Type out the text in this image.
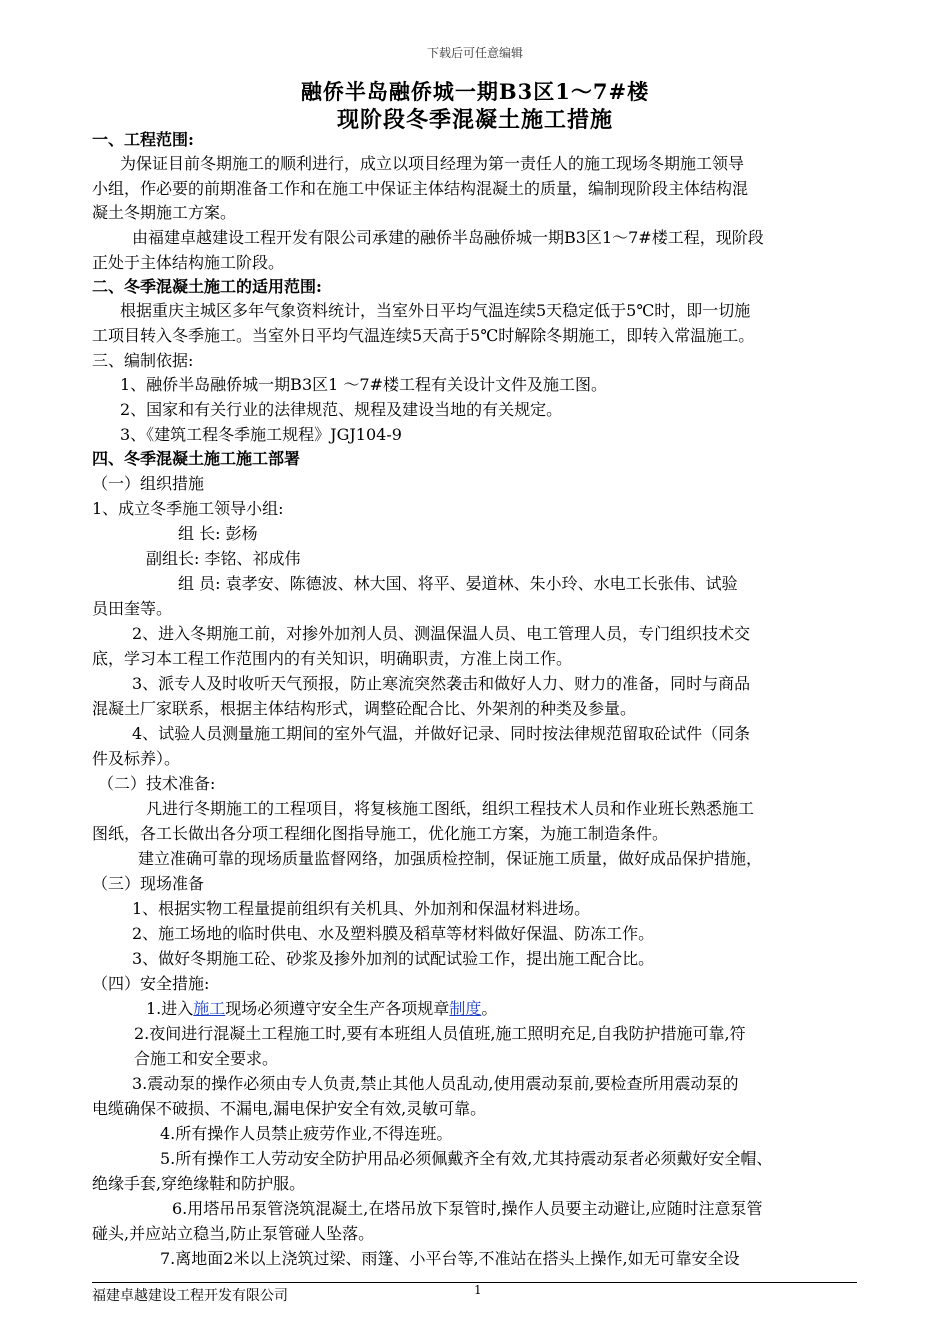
下载后可任意编辑
融侨半岛融侨城一期B3区1～7#楼
现阶段冬季混凝土施工措施
一、工程范围:
为保证目前冬期施工的顺利进行，成立以项目经理为第一责任人的施工现场冬期施工领导
小组，作必要的前期准备工作和在施工中保证主体结构混凝土的质量，编制现阶段主体结构混
凝土冬期施工方案。
由福建卓越建设工程开发有限公司承建的融侨半岛融侨城一期B3区1～7#楼工程，现阶段
正处于主体结构施工阶段。
二、冬季混凝土施工的适用范围:
根据重庆主城区多年气象资料统计，当室外日平均气温连续5天稳定低于5℃时，即一切施
工项目转入冬季施工。当室外日平均气温连续5天高于5℃时解除冬期施工，即转入常温施工。
三、编制依据:
1、融侨半岛融侨城一期B3区1 ～7#楼工程有关设计文件及施工图。
2、国家和有关行业的法律规范、规程及建设当地的有关规定。
3、《建筑工程冬季施工规程》JGJ104-9
四、冬季混凝土施工施工部署
（一）组织措施
1、成立冬季施工领导小组:
组 长: 彭杨
副组长: 李铭、祁成伟
组 员: 袁孝安、陈德波、林大国、将平、晏道林、朱小玲、水电工长张伟、试验
员田奎等。
2、进入冬期施工前，对掺外加剂人员、测温保温人员、电工管理人员，专门组织技术交
底，学习本工程工作范围内的有关知识，明确职责，方准上岗工作。
3、派专人及时收听天气预报，防止寒流突然袭击和做好人力、财力的准备，同时与商品
混凝土厂家联系，根据主体结构形式，调整砼配合比、外架剂的种类及参量。
4、试验人员测量施工期间的室外气温，并做好记录、同时按法律规范留取砼试件（同条
件及标养）。
（二）技术准备:
凡进行冬期施工的工程项目，将复核施工图纸，组织工程技术人员和作业班长熟悉施工
图纸，各工长做出各分项工程细化图指导施工，优化施工方案，为施工制造条件。
建立准确可靠的现场质量监督网络，加强质检控制，保证施工质量，做好成品保护措施，
（三）现场准备
1、根据实物工程量提前组织有关机具、外加剂和保温材料进场。
2、施工场地的临时供电、水及塑料膜及稻草等材料做好保温、防冻工作。
3、做好冬期施工砼、砂浆及掺外加剂的试配试验工作，提出施工配合比。
（四）安全措施:
1.进入施工现场必须遵守安全生产各项规章制度。
2.夜间进行混凝土工程施工时,要有本班组人员值班,施工照明充足,自我防护措施可靠,符
合施工和安全要求。
3.震动泵的操作必须由专人负责,禁止其他人员乱动,使用震动泵前,要检查所用震动泵的
电缆确保不破损、不漏电,漏电保护安全有效,灵敏可靠。
4.所有操作人员禁止疲劳作业,不得连班。
5.所有操作工人劳动安全防护用品必须佩戴齐全有效,尤其持震动泵者必须戴好安全帽、
绝缘手套,穿绝缘鞋和防护服。
6.用塔吊吊泵管浇筑混凝土,在塔吊放下泵管时,操作人员要主动避让,应随时注意泵管
碰头,并应站立稳当,防止泵管碰人坠落。
7.离地面2米以上浇筑过梁、雨篷、小平台等,不准站在搭头上操作,如无可靠安全设
福建卓越建设工程开发有限公司	1
